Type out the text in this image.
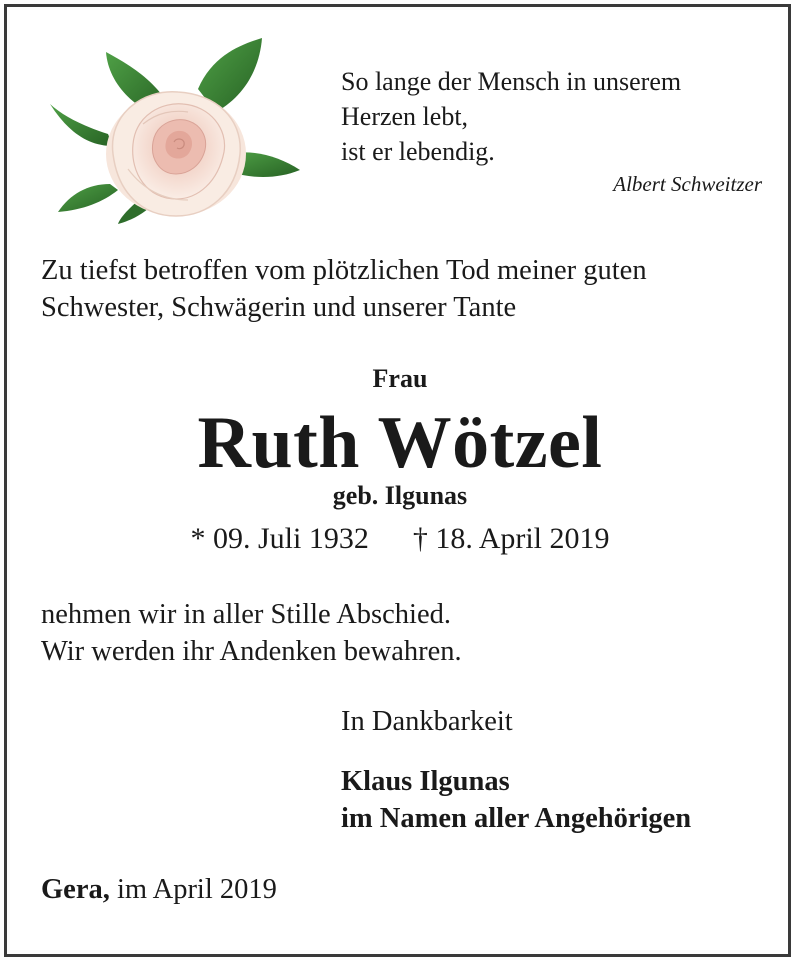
So lange der Mensch in unserem
Herzen lebt,
ist er lebendig.
Albert Schweitzer
Zu tiefst betroffen vom plötzlichen Tod meiner guten
Schwester, Schwägerin und unserer Tante
Frau
Ruth Wötzel
geb. Ilgunas
* 09. Juli 1932 † 18. April 2019
nehmen wir in aller Stille Abschied.
Wir werden ihr Andenken bewahren.
In Dankbarkeit
Klaus Ilgunas
im Namen aller Angehörigen
Gera, im April 2019
